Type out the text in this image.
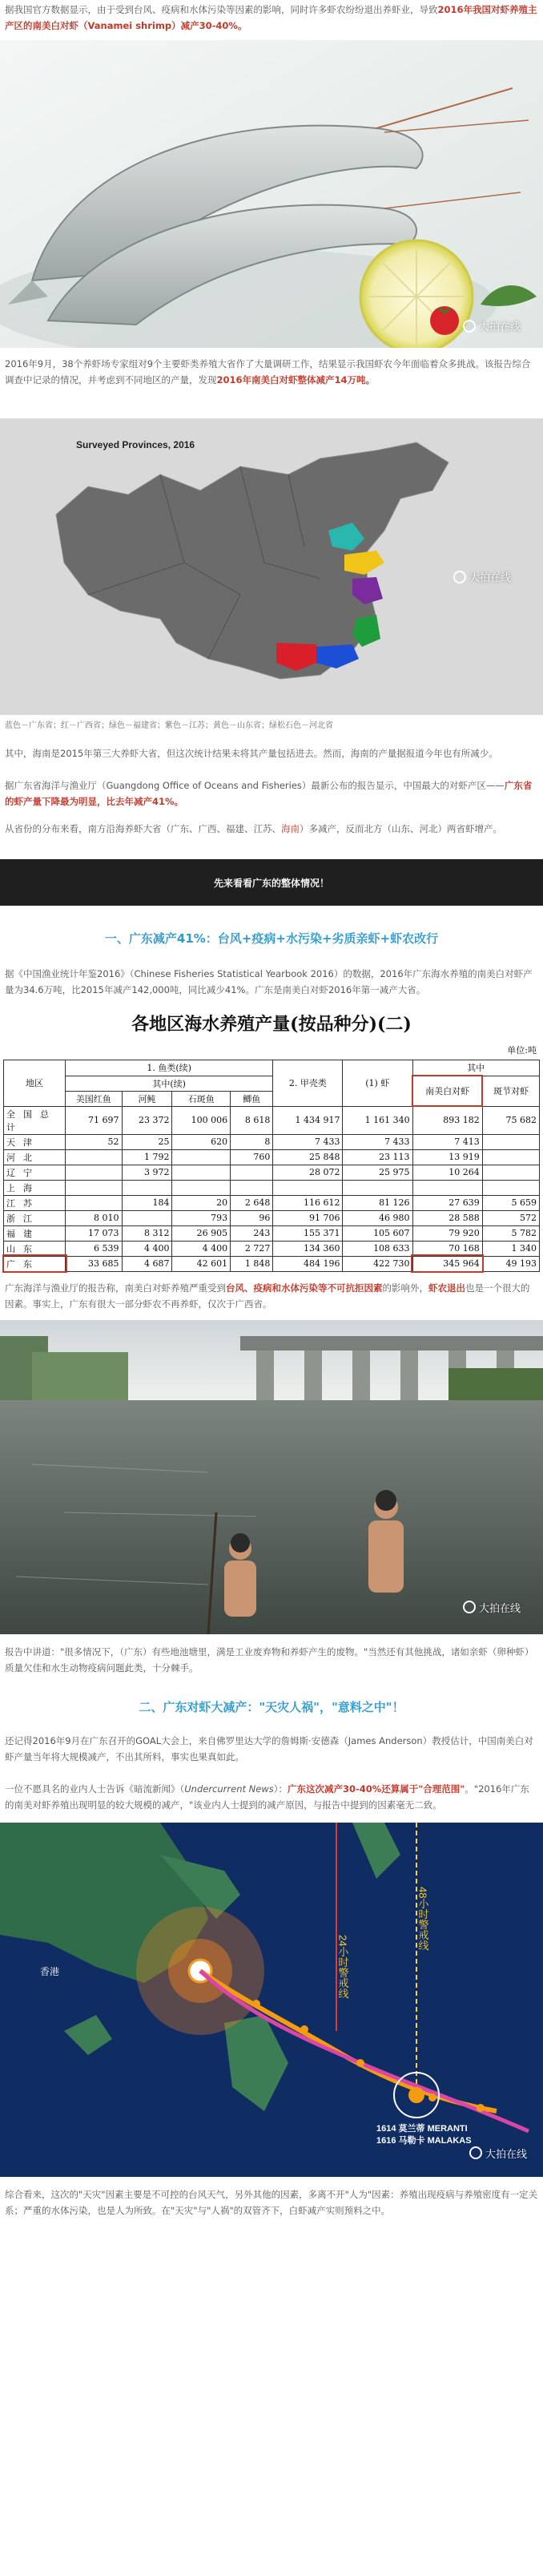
据我国官方数据显示，由于受到台风、疫病和水体污染等因素的影响，同时许多虾农纷纷退出养虾业，导致2016年我国对虾养殖主产区的南美白对虾（Vanamei shrimp）减产30-40%。

大拍在线

2016年9月，38个养虾场专家组对9个主要虾类养殖大省作了大量调研工作，结果显示我国虾农今年面临着众多挑战。该报告综合调查中记录的情况，并考虑到不同地区的产量，发现2016年南美白对虾整体减产14万吨。

Surveyed Provinces, 2016
大拍在线

蓝色－广东省；红－广西省；绿色－福建省；紫色－江苏；黄色－山东省；绿松石色－河北省

其中，海南是2015年第三大养虾大省，但这次统计结果未将其产量包括进去。然而，海南的产量据报道今年也有所减少。

据广东省海洋与渔业厅（Guangdong Office of Oceans and Fisheries）最新公布的报告显示，中国最大的对虾产区——广东省的虾产量下降最为明显，比去年减产41%。

从省份的分布来看，南方沿海养虾大省（广东、广西、福建、江苏、海南）多减产，反而北方（山东、河北）两省虾增产。

先来看看广东的整体情况！
一、广东减产41%：台风+疫病+水污染+劣质亲虾+虾农改行

据《中国渔业统计年鉴2016》（Chinese Fisheries Statistical Yearbook 2016）的数据，2016年广东海水养殖的南美白对虾产量为34.6万吨，比2015年减产142,000吨，同比减少41%。广东是南美白对虾2016年第一减产大省。

各地区海水养殖产量(按品种分)(二)
单位:吨
地区	1. 鱼类(续)				2. 甲壳类	(1) 虾	其中	
	其中(续)						南美白对虾	斑节对虾
	美国红鱼	河鲀	石斑鱼	鲫鱼				
全国总计	71 697	23 372	100 006	8 618	1 434 917	1 161 340	893 182	75 682
天津	52	25	620	8	7 433	7 433	7 413	
河北		1 792		760	25 848	23 113	13 919	
辽宁		3 972			28 072	25 975	10 264	
上海								
江苏		184	20	2 648	116 612	81 126	27 639	5 659
浙江	8 010		793	96	91 706	46 980	28 588	572
福建	17 073	8 312	26 905	243	155 371	105 607	79 920	5 782
山东	6 539	4 400	4 400	2 727	134 360	108 633	70 168	1 340
广东	33 685	4 687	42 601	1 848	484 196	422 730	345 964	49 193

广东海洋与渔业厅的报告称，南美白对虾养殖严重受到台风、疫病和水体污染等不可抗拒因素的影响外，虾农退出也是一个很大的因素。事实上，广东有很大一部分虾农不再养虾，仅次于广西省。

大拍在线

报告中讲道："很多情况下，（广东）有些地池塘里，满是工业废弃物和养虾产生的废物。"当然还有其他挑战，诸如亲虾（卵种虾）质量欠佳和水生动物疫病问题此类，十分棘手。

二、广东对虾大减产："天灾人祸"，"意料之中"！

还记得2016年9月在广东召开的GOAL大会上，来自佛罗里达大学的詹姆斯·安德森（James Anderson）教授估计，中国南美白对虾产量当年将大规模减产，不出其所料，事实也果真如此。

一位不愿具名的业内人士告诉《暗流新闻》（Undercurrent News）：广东这次减产30-40%还算属于"合理范围"。"2016年广东的南美对虾养殖出现明显的较大规模的减产，"该业内人士提到的减产原因，与报告中提到的因素毫无二致。

24小时警戒线
48小时警戒线
1614 莫兰蒂 MERANTI
1616 马勒卡 MALAKAS
香港
大拍在线

综合看来，这次的"天灾"因素主要是不可控的台风天气，另外其他的因素，多离不开"人为"因素：养殖出现疫病与养殖密度有一定关系；严重的水体污染，也是人为所致。在"天灾"与"人祸"的双管齐下，白虾减产实则预料之中。
